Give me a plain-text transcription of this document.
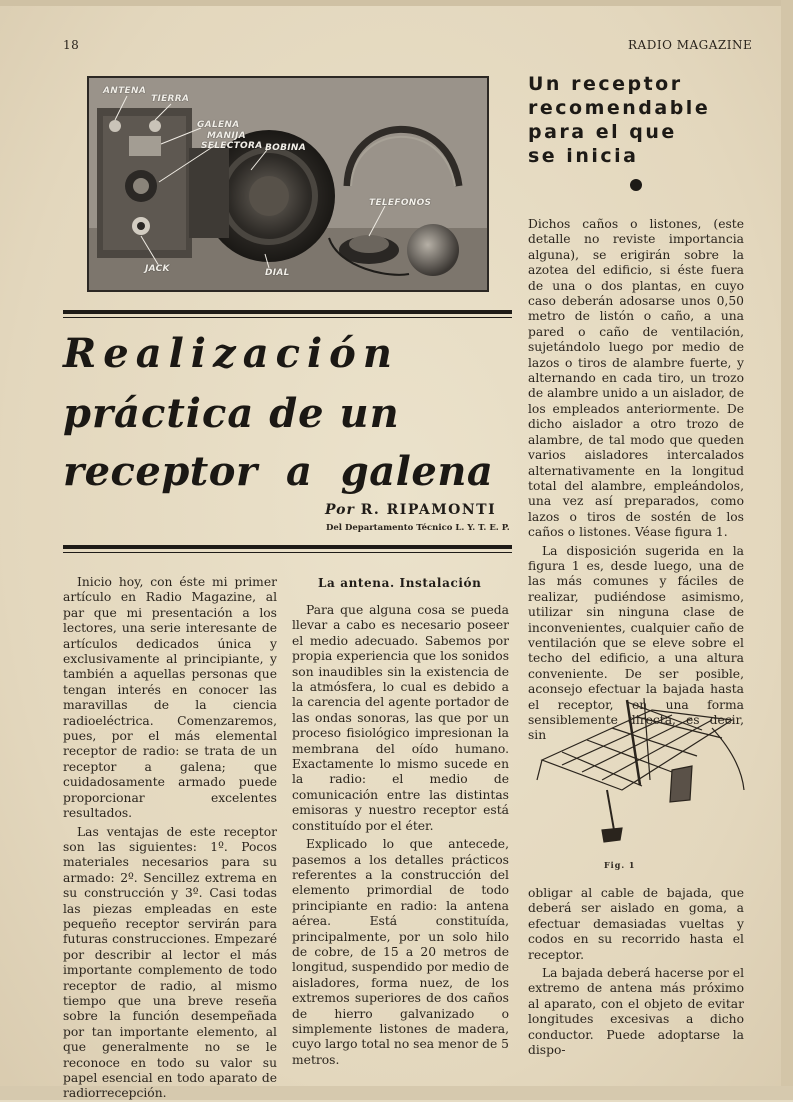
18	RADIO MAGAZINE
ANTENA
TIERRA
GALENA
MANIJA
SELECTORA BOBINA
TELEFONOS
JACK	DIAL
Un receptor
recomendable
para el que
se inicia
Realización
práctica de un
receptor a galena
Por R. RIPAMONTI
Del Departamento Técnico L. Y. T. E. P.

Inicio hoy, con éste mi primer artículo en Radio Magazine, al par que mi presentación a los lectores, una serie interesante de artículos dedicados única y exclusivamente al principiante, y también a aquellas personas que tengan interés en conocer las maravillas de la ciencia radioeléctrica. Comenzaremos, pues, por el más elemental receptor de radio: se trata de un receptor a galena; que cuidadosamente armado puede proporcionar excelentes resultados.

Las ventajas de este receptor son las siguientes: 1º. Pocos materiales necesarios para su armado: 2º. Sencillez extrema en su construcción y 3º. Casi todas las piezas empleadas en este pequeño receptor servirán para futuras construcciones. Empezaré por describir al lector el más importante complemento de todo receptor de radio, al mismo tiempo que una breve reseña sobre la función desempeñada por tan importante elemento, al que generalmente no se le reconoce en todo su valor su papel esencial en todo aparato de radiorrecepción.

La antena. Instalación

Para que alguna cosa se pueda llevar a cabo es necesario poseer el medio adecuado. Sabemos por propia experiencia que los sonidos son inaudibles sin la existencia de la atmósfera, lo cual es debido a la carencia del agente portador de las ondas sonoras, las que por un proceso fisiológico impresionan la membrana del oído humano. Exactamente lo mismo sucede en la radio: el medio de comunicación entre las distintas emisoras y nuestro receptor está constituído por el éter.

Explicado lo que antecede, pasemos a los detalles prácticos referentes a la construcción del elemento primordial de todo principiante en radio: la antena aérea. Está constituída, principalmente, por un solo hilo de cobre, de 15 a 20 metros de longitud, suspendido por medio de aisladores, forma nuez, de los extremos superiores de dos caños de hierro galvanizado o simplemente listones de madera, cuyo largo total no sea menor de 5 metros.

Dichos caños o listones, (este detalle no reviste importancia alguna), se erigirán sobre la azotea del edificio, si éste fuera de una o dos plantas, en cuyo caso deberán adosarse unos 0,50 metro de listón o caño, a una pared o caño de ventilación, sujetándolo luego por medio de lazos o tiros de alambre fuerte, y alternando en cada tiro, un trozo de alambre unido a un aislador, de los empleados anteriormente. De dicho aislador a otro trozo de alambre, de tal modo que queden varios aisladores intercalados alternativamente en la longitud total del alambre, empleándolos, una vez así preparados, como lazos o tiros de sostén de los caños o listones. Véase figura 1.

La disposición sugerida en la figura 1 es, desde luego, una de las más comunes y fáciles de realizar, pudiéndose asimismo, utilizar sin ninguna clase de inconvenientes, cualquier caño de ventilación que se eleve sobre el techo del edificio, a una altura conveniente. De ser posible, aconsejo efectuar la bajada hasta el receptor, en una forma sensiblemente directa, es decir, sin

Fig. 1

obligar al cable de bajada, que deberá ser aislado en goma, a efectuar demasiadas vueltas y codos en su recorrido hasta el receptor.

La bajada deberá hacerse por el extremo de antena más próximo al aparato, con el objeto de evitar longitudes excesivas a dicho conductor. Puede adoptarse la dispo-
